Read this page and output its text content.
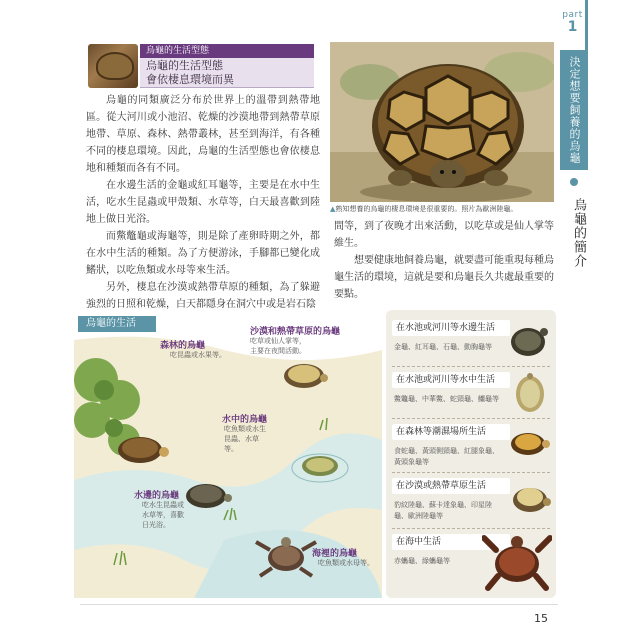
part
1
決定想要飼養的烏龜
烏龜的簡介
烏龜的生活型態
烏龜的生活型態
會依棲息環境而異

烏龜的同類廣泛分布於世界上的溫帶到熱帶地區。從大河川或小池沼、乾燥的沙漠地帶到熱帶草原地帶、草原、森林、熱帶叢林，甚至到海洋，有各種不同的棲息環境。因此，烏龜的生活型態也會依棲息地和種類而各有不同。

在水邊生活的金龜或紅耳龜等，主要是在水中生活，吃水生昆蟲或甲殼類、水草等，白天最喜歡到陸地上做日光浴。

而鱉鼈龜或海龜等，則是除了產卵時期之外，都在水中生活的種類。為了方便游泳，手腳都已變化成鰭狀，以吃魚類或水母等來生活。

另外，棲息在沙漠或熱帶草原的種類，為了躲避強烈的日照和乾燥，白天都隱身在洞穴中或是岩石陰

▲熟知想養的烏龜的棲息環境是很重要的。照片為歐洲陸龜。

間等，到了夜晚才出來活動，以吃草或是仙人掌等維生。

想要健康地飼養烏龜，就要盡可能重現每種烏龜生活的環境，這就是要和烏龜長久共處最重要的要點。

烏龜的生活
森林的烏龜
吃昆蟲或水果等。
沙漠和熱帶草原的烏龜
吃草或仙人掌等，主要在夜間活動。
水中的烏龜
吃魚類或水生昆蟲、水草等。
水邊的烏龜
吃水生昆蟲或水草等，喜歡日光浴。
海裡的烏龜
吃魚類或水母等。
在水池或河川等水邊生活
金龜、紅耳龜、石龜、動胸龜等
在水池或河川等水中生活
鱉鼈龜、中華鱉、蛇頸龜、鱷龜等
在森林等潮濕場所生活
食蛇龜、黃頭側頸龜、紅腿象龜、黃頭象龜等
在沙漠或熱帶草原生活
豹紋陸龜、蘇卡達象龜、印星陸龜、歐洲陸龜等
在海中生活
赤蠵龜、綠蠵龜等
15
